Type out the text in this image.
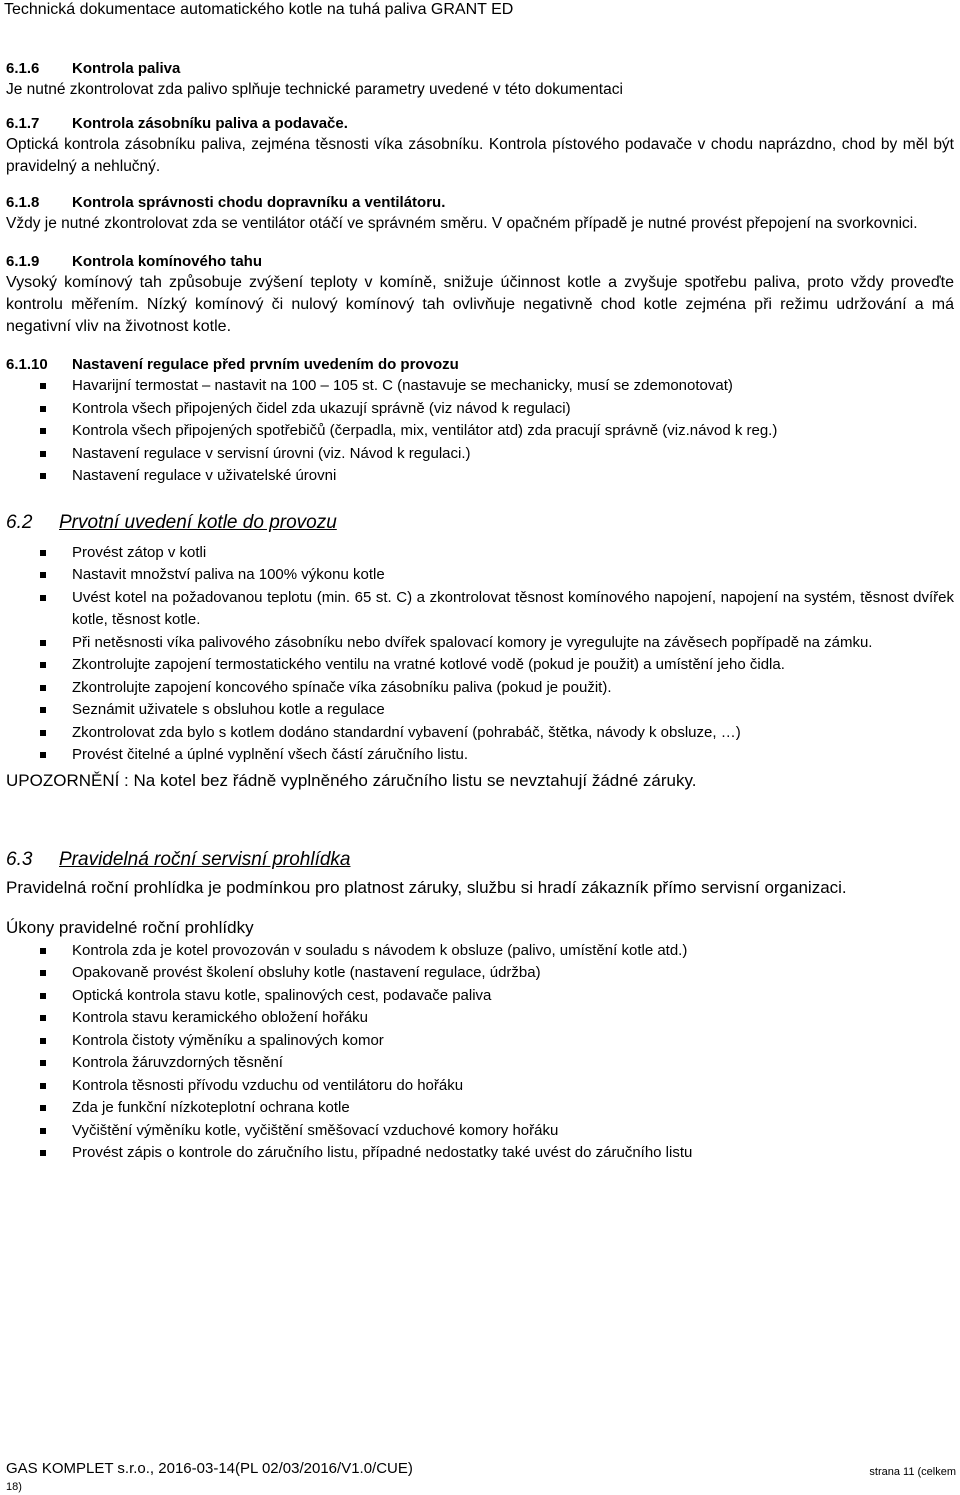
Technická dokumentace automatického kotle na tuhá paliva GRANT ED
6.1.6	Kontrola paliva

Je nutné zkontrolovat zda palivo splňuje technické parametry uvedené v této dokumentaci

6.1.7	Kontrola zásobníku paliva a podavače.

Optická kontrola zásobníku paliva, zejména těsnosti víka zásobníku. Kontrola pístového podavače v chodu naprázdno, chod by měl být pravidelný a nehlučný.

6.1.8	Kontrola správnosti chodu dopravníku a ventilátoru.

Vždy je nutné zkontrolovat zda se ventilátor otáčí ve správném směru. V opačném případě je nutné provést přepojení na svorkovnici.

6.1.9	Kontrola komínového tahu

Vysoký komínový tah způsobuje zvýšení teploty v komíně, snižuje účinnost kotle a zvyšuje spotřebu paliva, proto vždy proveďte kontrolu měřením. Nízký komínový či nulový komínový tah ovlivňuje negativně chod kotle zejména při režimu udržování a má negativní vliv na životnost kotle.

6.1.10	Nastavení regulace před prvním uvedením do provozu
Havarijní termostat – nastavit na 100 – 105 st. C (nastavuje se mechanicky, musí se zdemonotovat)
Kontrola všech připojených čidel zda ukazují správně (viz návod k regulaci)
Kontrola všech připojených spotřebičů (čerpadla, mix, ventilátor atd) zda pracují správně (viz.návod k reg.)
Nastavení regulace v servisní úrovni (viz. Návod k regulaci.)
Nastavení regulace v uživatelské úrovni
6.2	Prvotní uvedení kotle do provozu
Provést zátop v kotli
Nastavit množství paliva na 100% výkonu kotle
Uvést kotel na požadovanou teplotu (min. 65 st. C) a zkontrolovat těsnost komínového napojení, napojení na systém, těsnost dvířek kotle, těsnost kotle.
Při netěsnosti víka palivového zásobníku nebo dvířek spalovací komory je vyregulujte na závěsech popřípadě na zámku.
Zkontrolujte zapojení termostatického ventilu na vratné kotlové vodě (pokud je použit) a umístění jeho čidla.
Zkontrolujte zapojení koncového spínače víka zásobníku paliva (pokud je použit).
Seznámit uživatele s obsluhou kotle a regulace
Zkontrolovat zda bylo s kotlem dodáno standardní vybavení (pohrabáč, štětka, návody k obsluze, …)
Provést čitelné a úplné vyplnění všech částí záručního listu.

UPOZORNĚNÍ : Na kotel bez řádně vyplněného záručního listu se nevztahují žádné záruky.

6.3	Pravidelná roční servisní prohlídka

Pravidelná roční prohlídka je podmínkou pro platnost záruky, službu si hradí zákazník přímo servisní organizaci.

Úkony pravidelné roční prohlídky

Kontrola zda je kotel provozován v souladu s návodem k obsluze (palivo, umístění kotle atd.)
Opakovaně provést školení obsluhy kotle (nastavení regulace, údržba)
Optická kontrola stavu kotle, spalinových cest, podavače paliva
Kontrola stavu keramického obložení hořáku
Kontrola čistoty výměníku a spalinových komor
Kontrola žáruvzdorných těsnění
Kontrola těsnosti přívodu vzduchu od ventilátoru do hořáku
Zda je funkční nízkoteplotní ochrana kotle
Vyčištění výměníku kotle, vyčištění směšovací vzduchové komory hořáku
Provést zápis o kontrole do záručního listu, případné nedostatky také uvést do záručního listu
GAS KOMPLET s.r.o., 2016-03-14(PL 02/03/2016/V1.0/CUE)	strana 11 (celkem
18)
